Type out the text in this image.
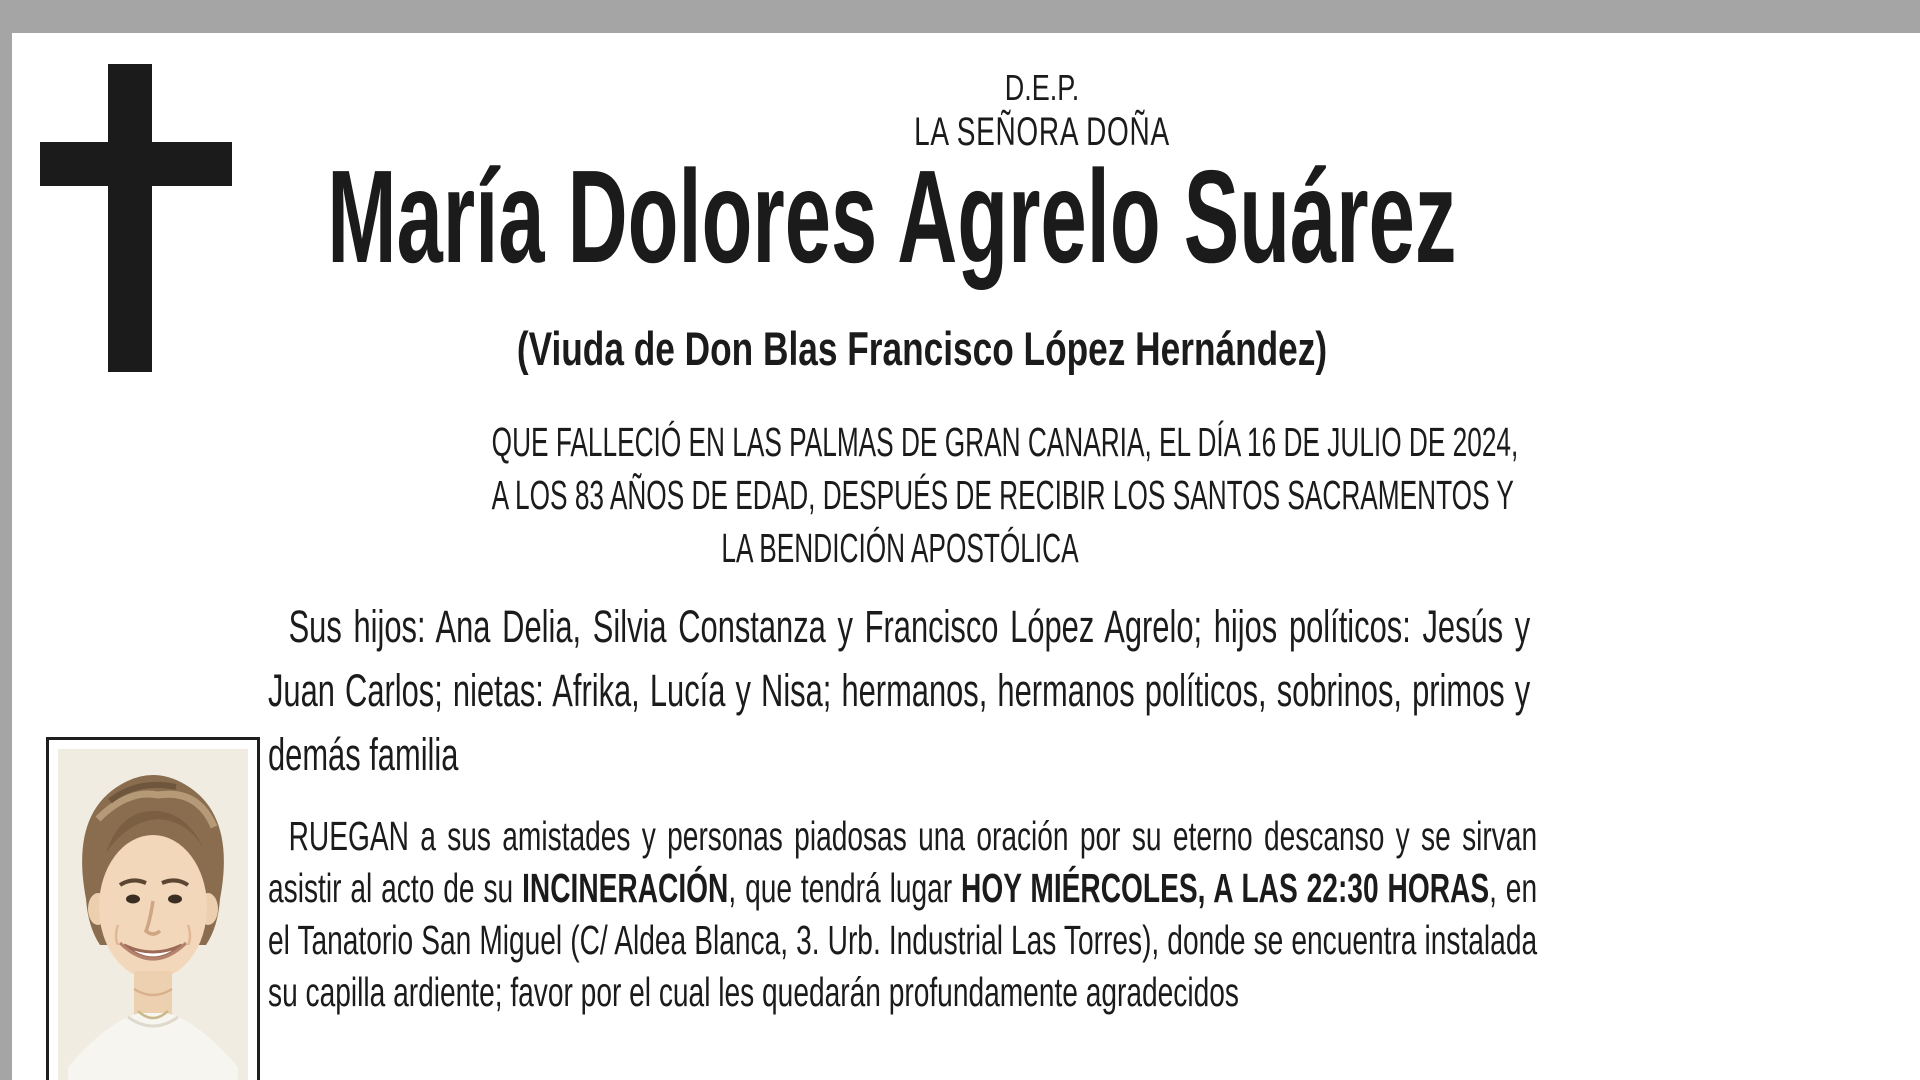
D.E.P.
LA SEÑORA DOÑA
María Dolores Agrelo Suárez
(Viuda de Don Blas Francisco López Hernández)
QUE FALLECIÓ EN LAS PALMAS DE GRAN CANARIA, EL DÍA 16 DE JULIO DE 2024,
A LOS 83 AÑOS DE EDAD, DESPUÉS DE RECIBIR LOS SANTOS SACRAMENTOS Y
LA BENDICIÓN APOSTÓLICA
Sus hijos: Ana Delia, Silvia Constanza y Francisco López Agrelo; hijos políticos: Jesús y Juan Carlos; nietas: Afrika, Lucía y Nisa; hermanos, hermanos políticos, sobrinos, primos y demás familia
RUEGAN a sus amistades y personas piadosas una oración por su eterno descanso y se sirvan asistir al acto de su INCINERACIÓN, que tendrá lugar HOY MIÉRCOLES, A LAS 22:30 HORAS, en el Tanatorio San Miguel (C/ Aldea Blanca, 3. Urb. Industrial Las Torres), donde se encuentra instalada su capilla ardiente; favor por el cual les quedarán profundamente agradecidos
